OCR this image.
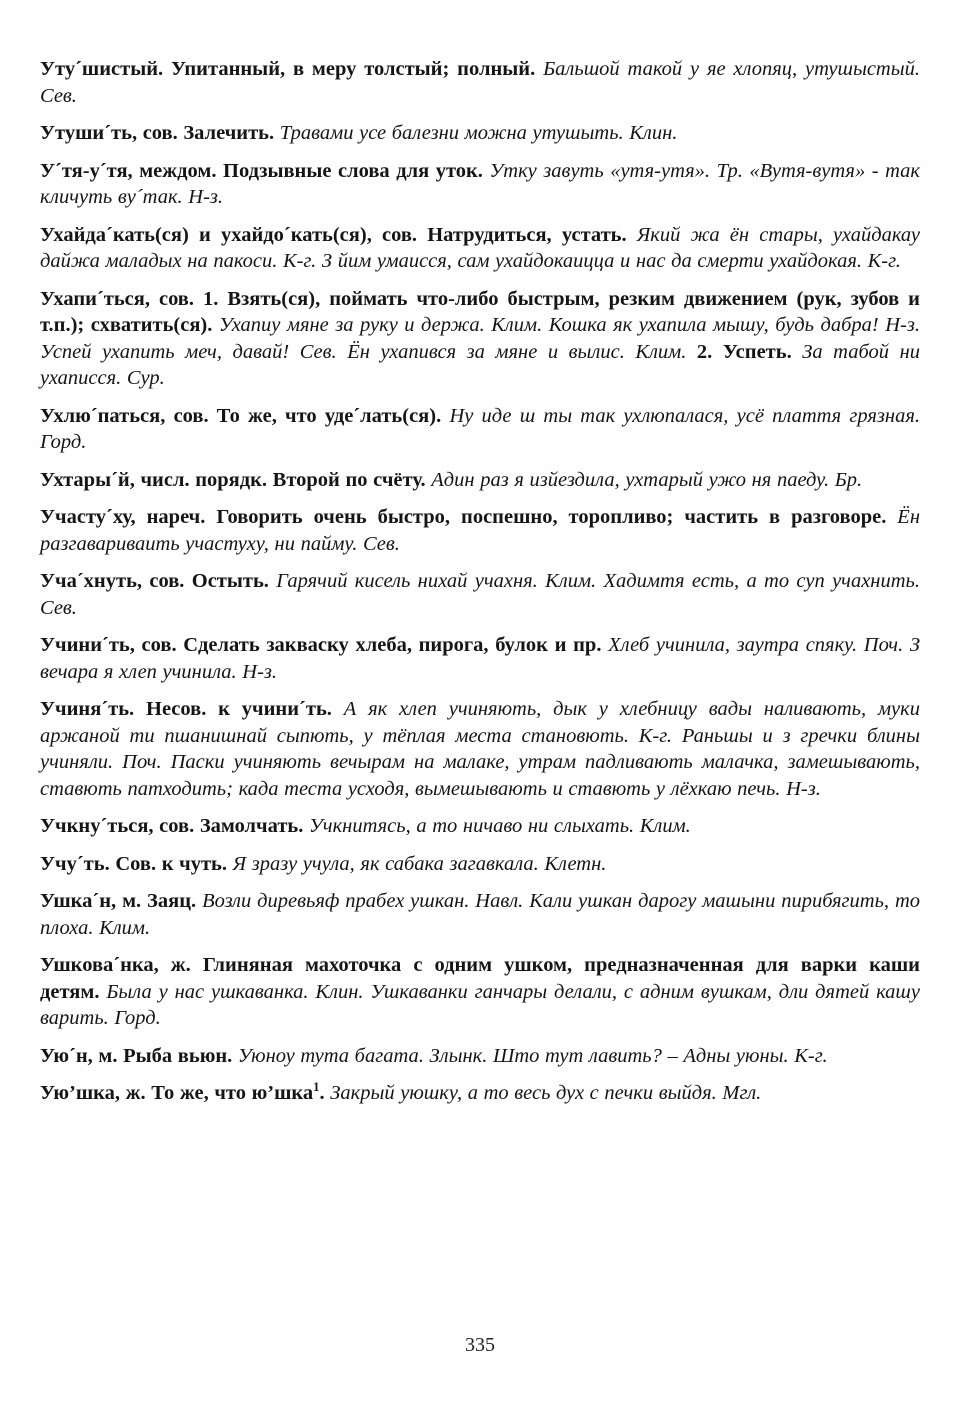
Уту´шистый. Упитанный, в меру толстый; полный. Бальшой такой у яе хлопяц, утушыстый. Сев.

Утуши´ть, сов. Залечить. Травами усе балезни можна утушыть. Клин.

У´тя-у´тя, междом. Подзывные слова для уток. Утку завуть «утя-утя». Тр. «Вутя-вутя» - так кличуть ву´так. Н-з.

Ухайда´кать(ся) и ухайдо´кать(ся), сов. Натрудиться, устать. Який жа ён стары, ухайдакау дайжа маладых на пакоси. К-г. З йим умаисся, сам ухайдокаицца и нас да смерти ухайдокая. К-г.

Ухапи´ться, сов. 1. Взять(ся), поймать что-либо быстрым, резким движением (рук, зубов и т.п.); схватить(ся). Ухапиу мяне за руку и держа. Клим. Кошка як ухапила мышу, будь дабра! Н-з. Успей ухапить меч, давай! Сев. Ён ухапився за мяне и вылис. Клим. 2. Успеть. За табой ни ухаписся. Сур.

Ухлю´паться, сов. То же, что уде´лать(ся). Ну иде ш ты так ухлюпалася, усё плаття грязная. Горд.

Ухтары´й, числ. порядк. Второй по счёту. Адин раз я изйездила, ухтарый ужо ня паеду. Бр.

Участу´ху, нареч. Говорить очень быстро, поспешно, торопливо; частить в разговоре. Ён разгавариваить участуху, ни пайму. Сев.

Уча´хнуть, сов. Остыть. Гарячий кисель нихай учахня. Клим. Хадимтя есть, а то суп учахнить. Сев.

Учини´ть, сов. Сделать закваску хлеба, пирога, булок и пр. Хлеб учинила, заутра спяку. Поч. З вечара я хлеп учинила. Н-з.

Учиня´ть. Несов. к учини´ть. А як хлеп учиняють, дык у хлебницу вады наливають, муки аржаной ти пшанишнай сыпють, у тёплая места становють. К-г. Раньшы и з гречки блины учиняли. Поч. Паски учиняють вечырам на малаке, утрам падливають малачка, замешывають, ставють патходить; када теста усходя, вымешывають и ставють у лёхкаю печь. Н-з.

Учкну´ться, сов. Замолчать. Учкнитясь, а то ничаво ни слыхать. Клим.

Учу´ть. Сов. к чуть. Я зразу учула, як сабака загавкала. Клетн.

Ушка´н, м. Заяц. Возли диревьяф прабех ушкан. Навл. Кали ушкан дарогу машыни пирибягить, то плоха. Клим.

Ушкова´нка, ж. Глиняная махоточка с одним ушком, предназначенная для варки каши детям. Была у нас ушкаванка. Клин. Ушкаванки ганчары делали, с адним вушкам, дли дятей кашу варить. Горд.

Ую´н, м. Рыба вьюн. Уюноу тута багата. Злынк. Што тут лавить? – Адны уюны. К-г.

Ую’шка, ж. То же, что ю’шка$^1$. Закрый уюшку, а то весь дух с печки выйдя. Мгл.

335
